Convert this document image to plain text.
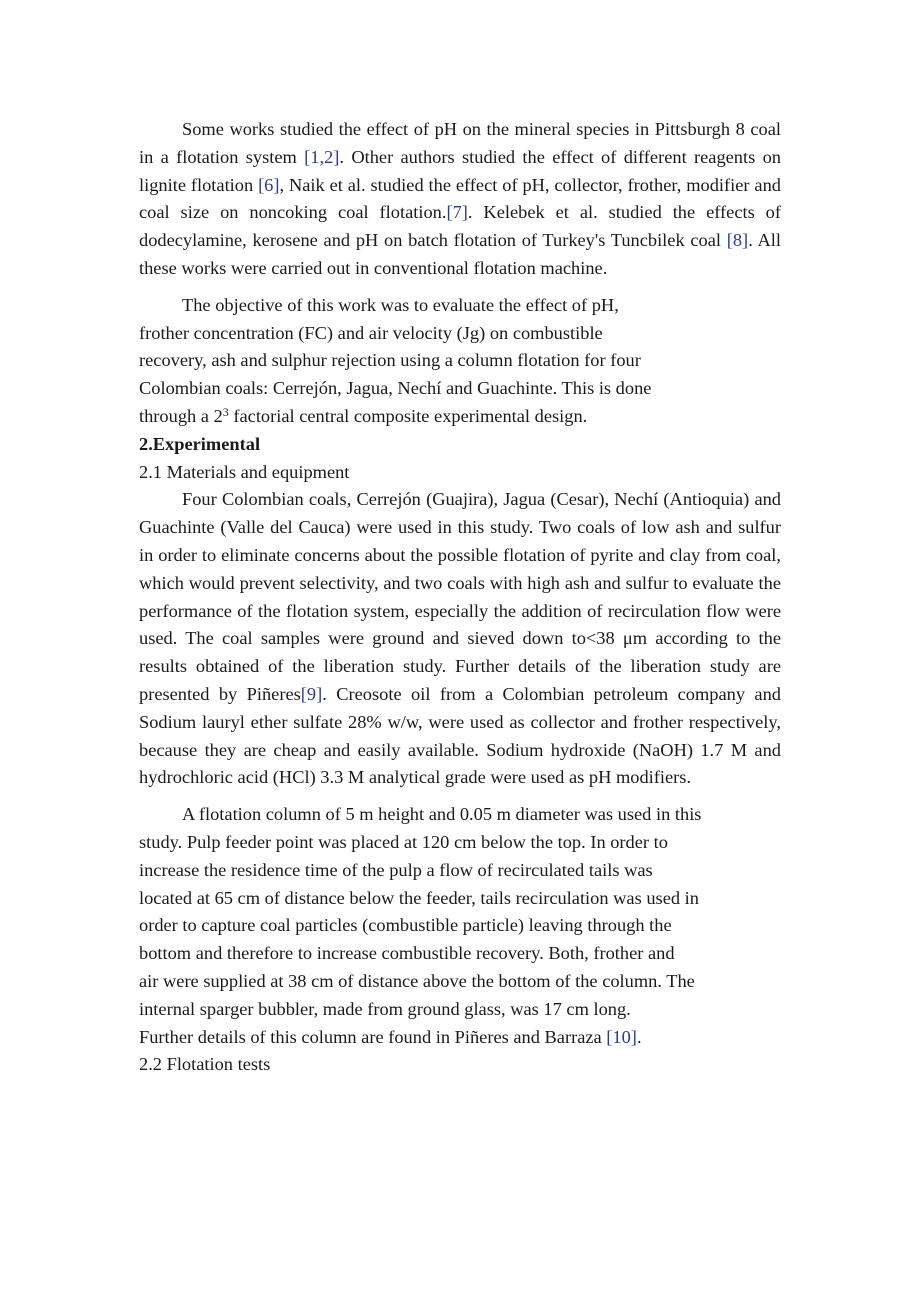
Some works studied the effect of pH on the mineral species in Pittsburgh 8 coal in a flotation system [1,2]. Other authors studied the effect of different reagents on lignite flotation [6], Naik et al. studied the effect of pH, collector, frother, modifier and coal size on noncoking coal flotation.[7]. Kelebek et al. studied the effects of dodecylamine, kerosene and pH on batch flotation of Turkey's Tuncbilek coal [8]. All these works were carried out in conventional flotation machine.

The objective of this work was to evaluate the effect of pH,
frother concentration (FC) and air velocity (Jg) on combustible
recovery, ash and sulphur rejection using a column flotation for four
Colombian coals: Cerrejón, Jagua, Nechí and Guachinte. This is done
through a $2^3$ factorial central composite experimental design.

2.Experimental

2.1 Materials and equipment

Four Colombian coals, Cerrejón (Guajira), Jagua (Cesar), Nechí (Antioquia) and Guachinte (Valle del Cauca) were used in this study. Two coals of low ash and sulfur in order to eliminate concerns about the possible flotation of pyrite and clay from coal, which would prevent selectivity, and two coals with high ash and sulfur to evaluate the performance of the flotation system, especially the addition of recirculation flow were used. The coal samples were ground and sieved down to<38 μm according to the results obtained of the liberation study. Further details of the liberation study are presented by Piñeres[9]. Creosote oil from a Colombian petroleum company and Sodium lauryl ether sulfate 28% w/w, were used as collector and frother respectively, because they are cheap and easily available. Sodium hydroxide (NaOH) 1.7 M and hydrochloric acid (HCl) 3.3 M analytical grade were used as pH modifiers.

A flotation column of 5 m height and 0.05 m diameter was used in this
study. Pulp feeder point was placed at 120 cm below the top. In order to
increase the residence time of the pulp a flow of recirculated tails was
located at 65 cm of distance below the feeder, tails recirculation was used in
order to capture coal particles (combustible particle) leaving through the
bottom and therefore to increase combustible recovery. Both, frother and
air were supplied at 38 cm of distance above the bottom of the column. The
internal sparger bubbler, made from ground glass, was 17 cm long.
Further details of this column are found in Piñeres and Barraza [10].

2.2 Flotation tests
